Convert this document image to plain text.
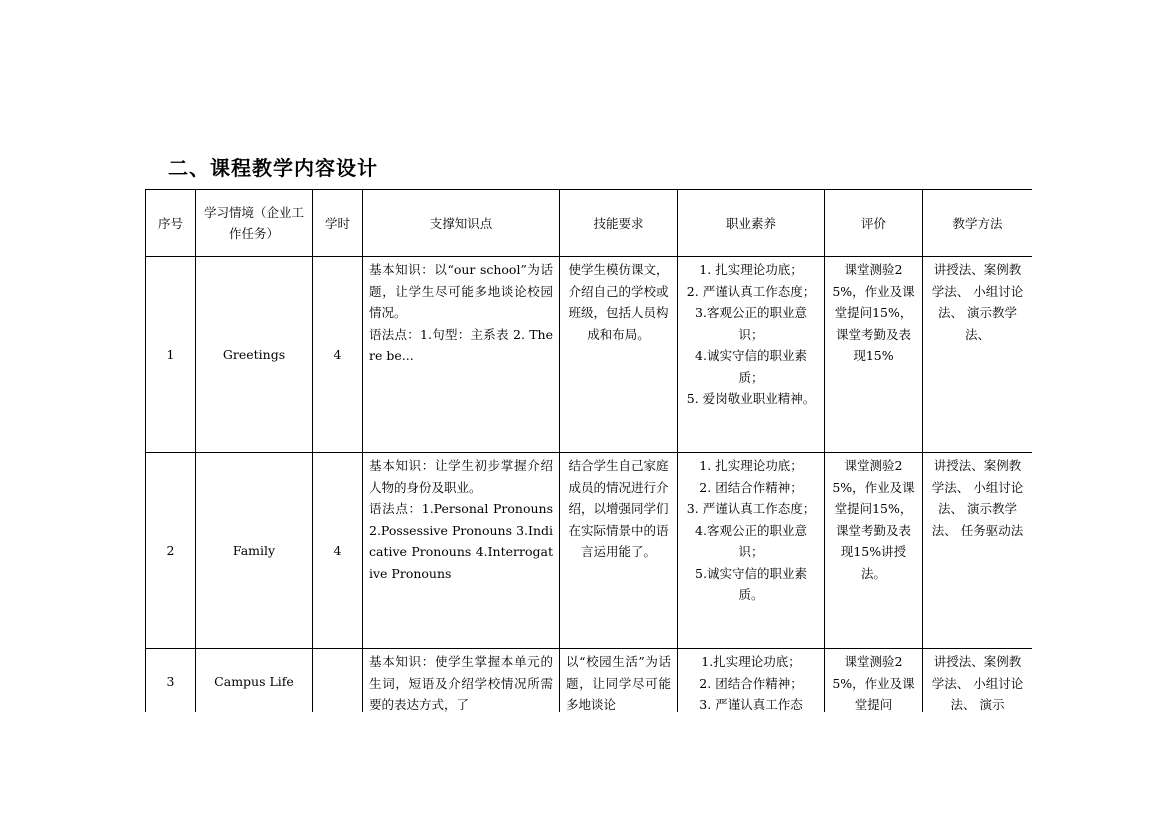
二、课程教学内容设计
序号	学习情境（企业工作任务）	学时	支撑知识点	技能要求	职业素养	评价	教学方法
1	Greetings	4	基本知识：以“our school”为话题，让学生尽可能多地谈论校园情况。
语法点：1.句型：主系表 2. There be...	使学生模仿课文，介绍自己的学校或班级，包括人员构成和布局。	1. 扎实理论功底；
2. 严谨认真工作态度；
3.客观公正的职业意识；
4.诚实守信的职业素质；
5. 爱岗敬业职业精神。	课堂测验25%，作业及课堂提问15%，课堂考勤及表现15%	讲授法、案例教学法、 小组讨论法、 演示教学法、
2	Family	4	基本知识：让学生初步掌握介绍人物的身份及职业。
语法点：1.Personal Pronouns 2.Possessive Pronouns 3.Indicative Pronouns 4.Interrogative Pronouns	结合学生自己家庭成员的情况进行介绍，以增强同学们在实际情景中的语言运用能了。	1. 扎实理论功底；
2. 团结合作精神；
3. 严谨认真工作态度；
4.客观公正的职业意识；
5.诚实守信的职业素质。	课堂测验25%，作业及课堂提问15%，课堂考勤及表现15%讲授法。	讲授法、案例教学法、 小组讨论法、 演示教学法、 任务驱动法
3	Campus Life		基本知识：使学生掌握本单元的生词，短语及介绍学校情况所需要的表达方式，了	以“校园生活”为话题，让同学尽可能多地谈论	1.扎实理论功底；
2. 团结合作精神；
3. 严谨认真工作态	课堂测验25%，作业及课堂提问	讲授法、案例教学法、 小组讨论法、 演示
